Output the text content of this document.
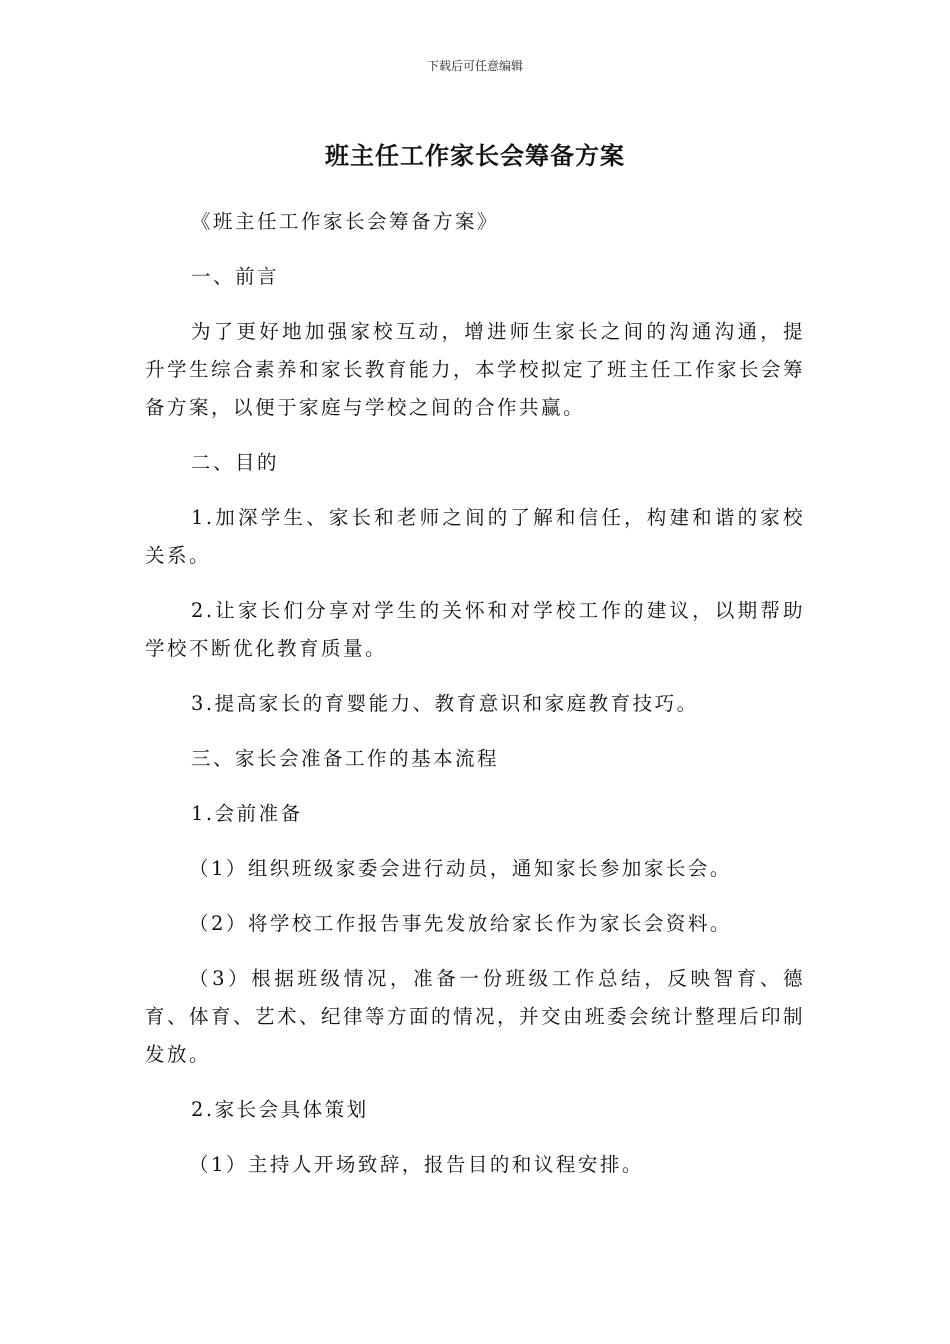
下载后可任意编辑
班主任工作家长会筹备方案

《班主任工作家长会筹备方案》

一、前言

为了更好地加强家校互动，增进师生家长之间的沟通沟通，提升学生综合素养和家长教育能力，本学校拟定了班主任工作家长会筹备方案，以便于家庭与学校之间的合作共赢。

二、目的

1.加深学生、家长和老师之间的了解和信任，构建和谐的家校关系。

2.让家长们分享对学生的关怀和对学校工作的建议，以期帮助学校不断优化教育质量。

3.提高家长的育婴能力、教育意识和家庭教育技巧。

三、家长会准备工作的基本流程

1.会前准备

（1）组织班级家委会进行动员，通知家长参加家长会。

（2）将学校工作报告事先发放给家长作为家长会资料。

（3）根据班级情况，准备一份班级工作总结，反映智育、德育、体育、艺术、纪律等方面的情况，并交由班委会统计整理后印制发放。

2.家长会具体策划

（1）主持人开场致辞，报告目的和议程安排。
